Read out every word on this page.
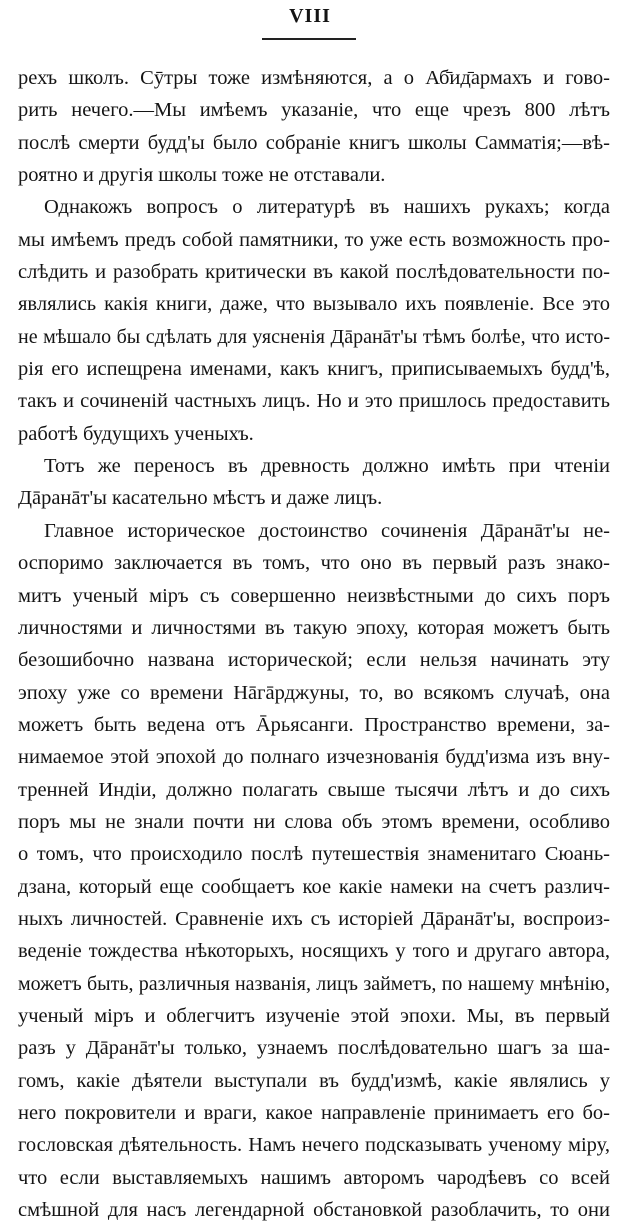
VIII
рехъ школъ. Сӯтры тоже измѣняются, а о Аб̄ид̄армахъ и гово-
рить нечего.—Мы имѣемъ указаніе, что еще чрезъ 800 лѣтъ
послѣ смерти будд'ы было собраніе книгъ школы Самматія;—вѣ-
роятно и другія школы тоже не отставали.
Однакожъ вопросъ о литературѣ въ нашихъ рукахъ; когда
мы имѣемъ предъ собой памятники, то уже есть возможность про-
слѣдить и разобрать критически въ какой послѣдовательности по-
являлись какія книги, даже, что вызывало ихъ появленіе. Все это
не мѣшало бы сдѣлать для уясненія Дāранāт'ы тѣмъ болѣе, что исто-
рія его испещрена именами, какъ книгъ, приписываемыхъ будд'ѣ,
такъ и сочиненій частныхъ лицъ. Но и это пришлось предоставить
работѣ будущихъ ученыхъ.
Тотъ же переносъ въ древность должно имѣть при чтеніи
Дāранāт'ы касательно мѣстъ и даже лицъ.
Главное историческое достоинство сочиненія Дāранāт'ы не-
оспоримо заключается въ томъ, что оно въ первый разъ знако-
митъ ученый міръ съ совершенно неизвѣстными до сихъ поръ
личностями и личностями въ такую эпоху, которая можетъ быть
безошибочно названа исторической; если нельзя начинать эту
эпоху уже со времени Нāгāрджуны, то, во всякомъ случаѣ, она
можетъ быть ведена отъ Āрьясанги. Пространство времени, за-
нимаемое этой эпохой до полнаго изчезнованія будд'изма изъ вну-
тренней Индіи, должно полагать свыше тысячи лѣтъ и до сихъ
поръ мы не знали почти ни слова объ этомъ времени, особливо
о томъ, что происходило послѣ путешествія знаменитаго Сюань-
дзана, который еще сообщаетъ кое какіе намеки на счетъ различ-
ныхъ личностей. Сравненіе ихъ съ исторіей Дāранāт'ы, воспроиз-
веденіе тождества нѣкоторыхъ, носящихъ у того и другаго автора,
можетъ быть, различныя названія, лицъ займетъ, по нашему мнѣнію,
ученый міръ и облегчитъ изученіе этой эпохи. Мы, въ первый
разъ у Дāранāт'ы только, узнаемъ послѣдовательно шагъ за ша-
гомъ, какіе дѣятели выступали въ будд'измѣ, какіе являлись у
него покровители и враги, какое направленіе принимаетъ его бо-
гословская дѣятельность. Намъ нечего подсказывать ученому міру,
что если выставляемыхъ нашимъ авторомъ чародѣевъ со всей
смѣшной для насъ легендарной обстановкой разоблачить, то они
